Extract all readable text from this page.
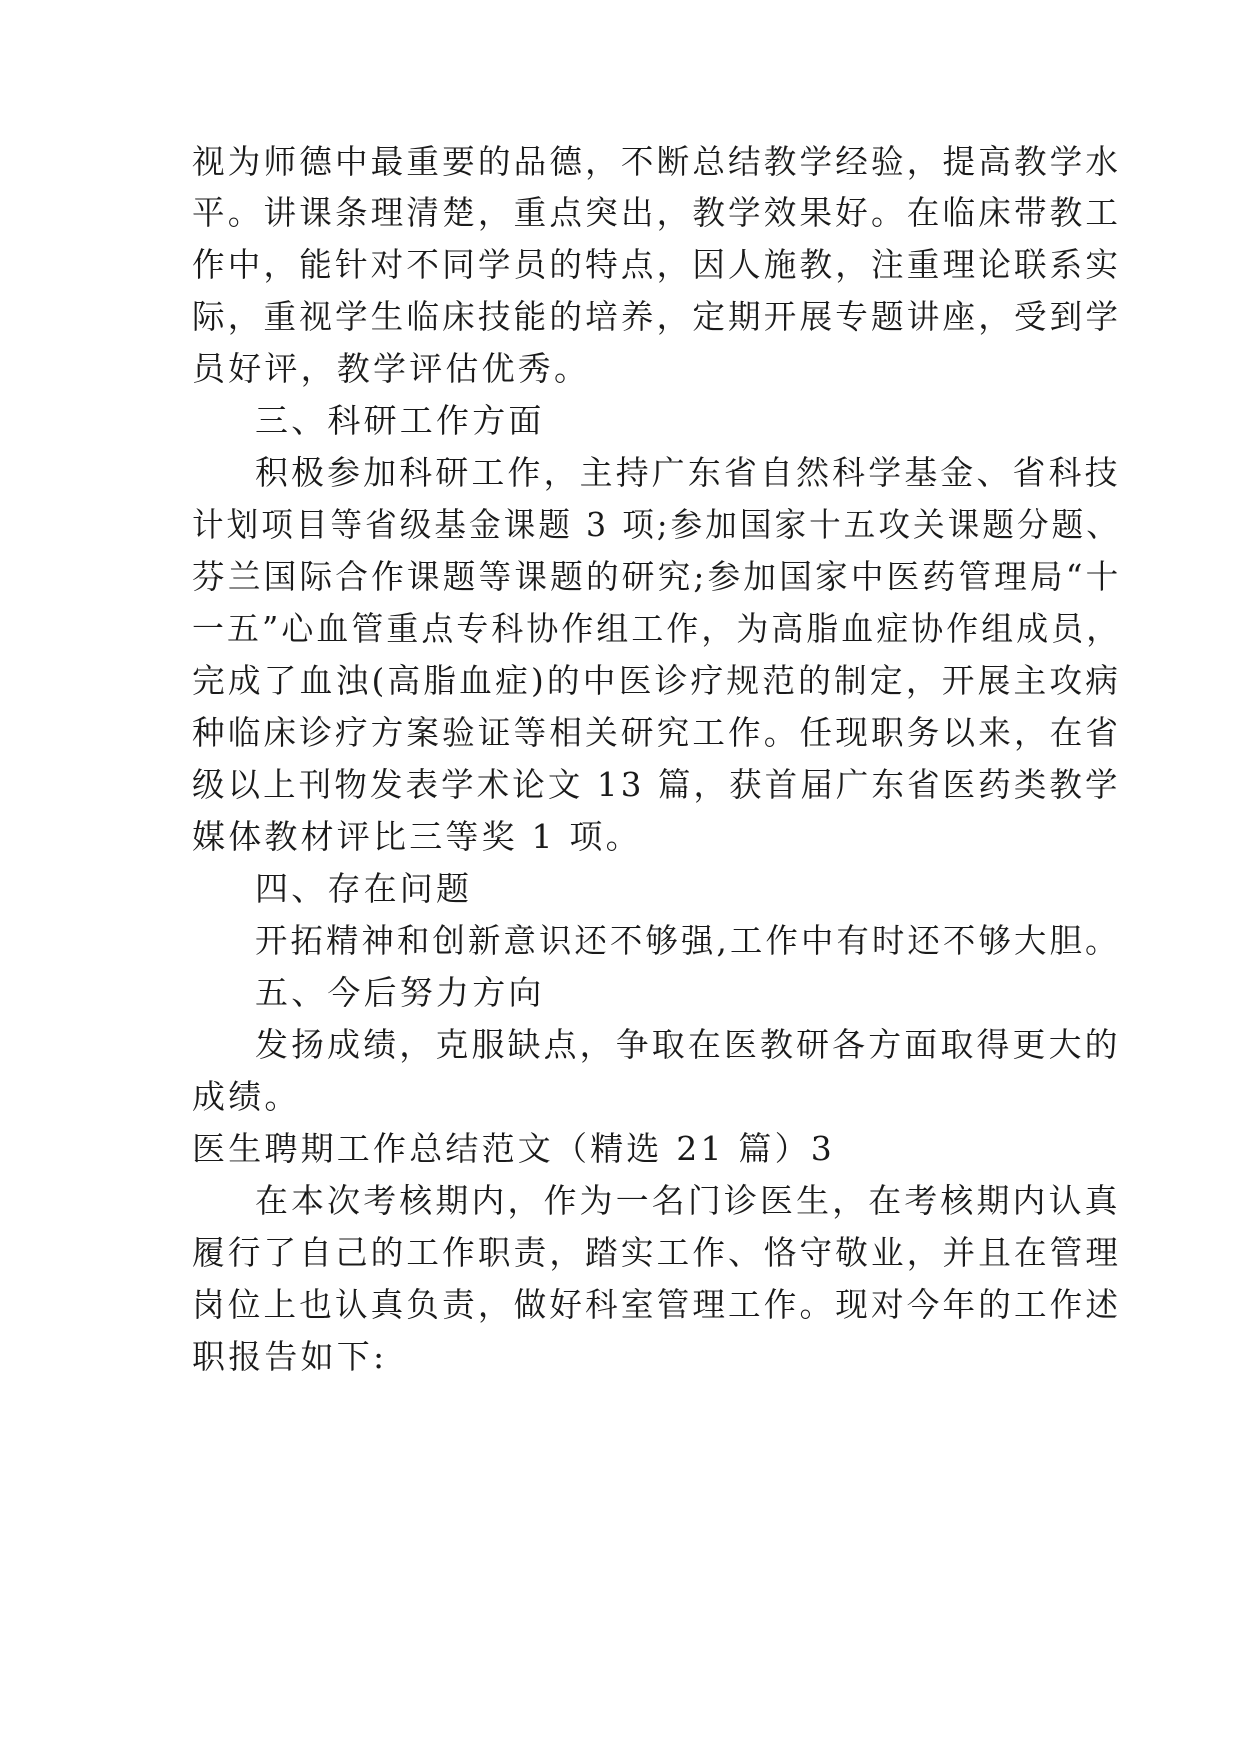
视为师德中最重要的品德，不断总结教学经验，提高教学水
平。讲课条理清楚，重点突出，教学效果好。在临床带教工
作中，能针对不同学员的特点，因人施教，注重理论联系实
际，重视学生临床技能的培养，定期开展专题讲座，受到学
员好评，教学评估优秀。
三、科研工作方面
积极参加科研工作，主持广东省自然科学基金、省科技
计划项目等省级基金课题 3 项;参加国家十五攻关课题分题、
芬兰国际合作课题等课题的研究;参加国家中医药管理局“十
一五”心血管重点专科协作组工作，为高脂血症协作组成员，
完成了血浊(高脂血症)的中医诊疗规范的制定，开展主攻病
种临床诊疗方案验证等相关研究工作。任现职务以来，在省
级以上刊物发表学术论文 13 篇，获首届广东省医药类教学
媒体教材评比三等奖 1 项。
四、存在问题
开拓精神和创新意识还不够强,工作中有时还不够大胆。
五、今后努力方向
发扬成绩，克服缺点，争取在医教研各方面取得更大的
成绩。
医生聘期工作总结范文（精选 21 篇）3
在本次考核期内，作为一名门诊医生，在考核期内认真
履行了自己的工作职责，踏实工作、恪守敬业，并且在管理
岗位上也认真负责，做好科室管理工作。现对今年的工作述
职报告如下:
